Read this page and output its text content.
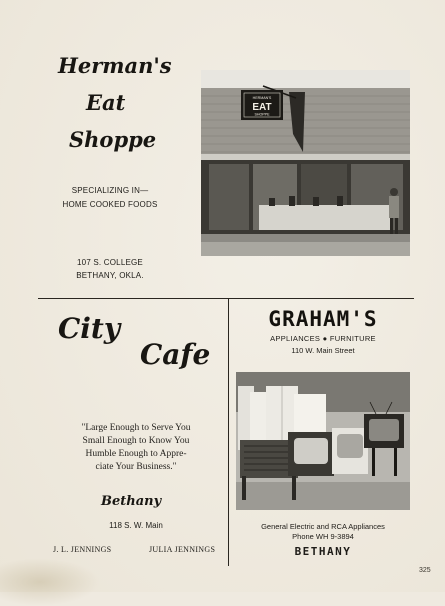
Herman's
Eat
Shoppe
SPECIALIZING IN—
HOME COOKED FOODS
107 S. COLLEGE
BETHANY, OKLA.
HERMAN'S
EAT
SHOPPE
City
Cafe
"Large Enough to Serve You
Small Enough to Know You
Humble Enough to Appre-
ciate Your Business."
Bethany
118 S. W. Main
J. L. JENNINGS	JULIA JENNINGS
GRAHAM'S
APPLIANCES ● FURNITURE
110 W. Main Street
General Electric and RCA Appliances
Phone WH 9-3894
BETHANY
325
